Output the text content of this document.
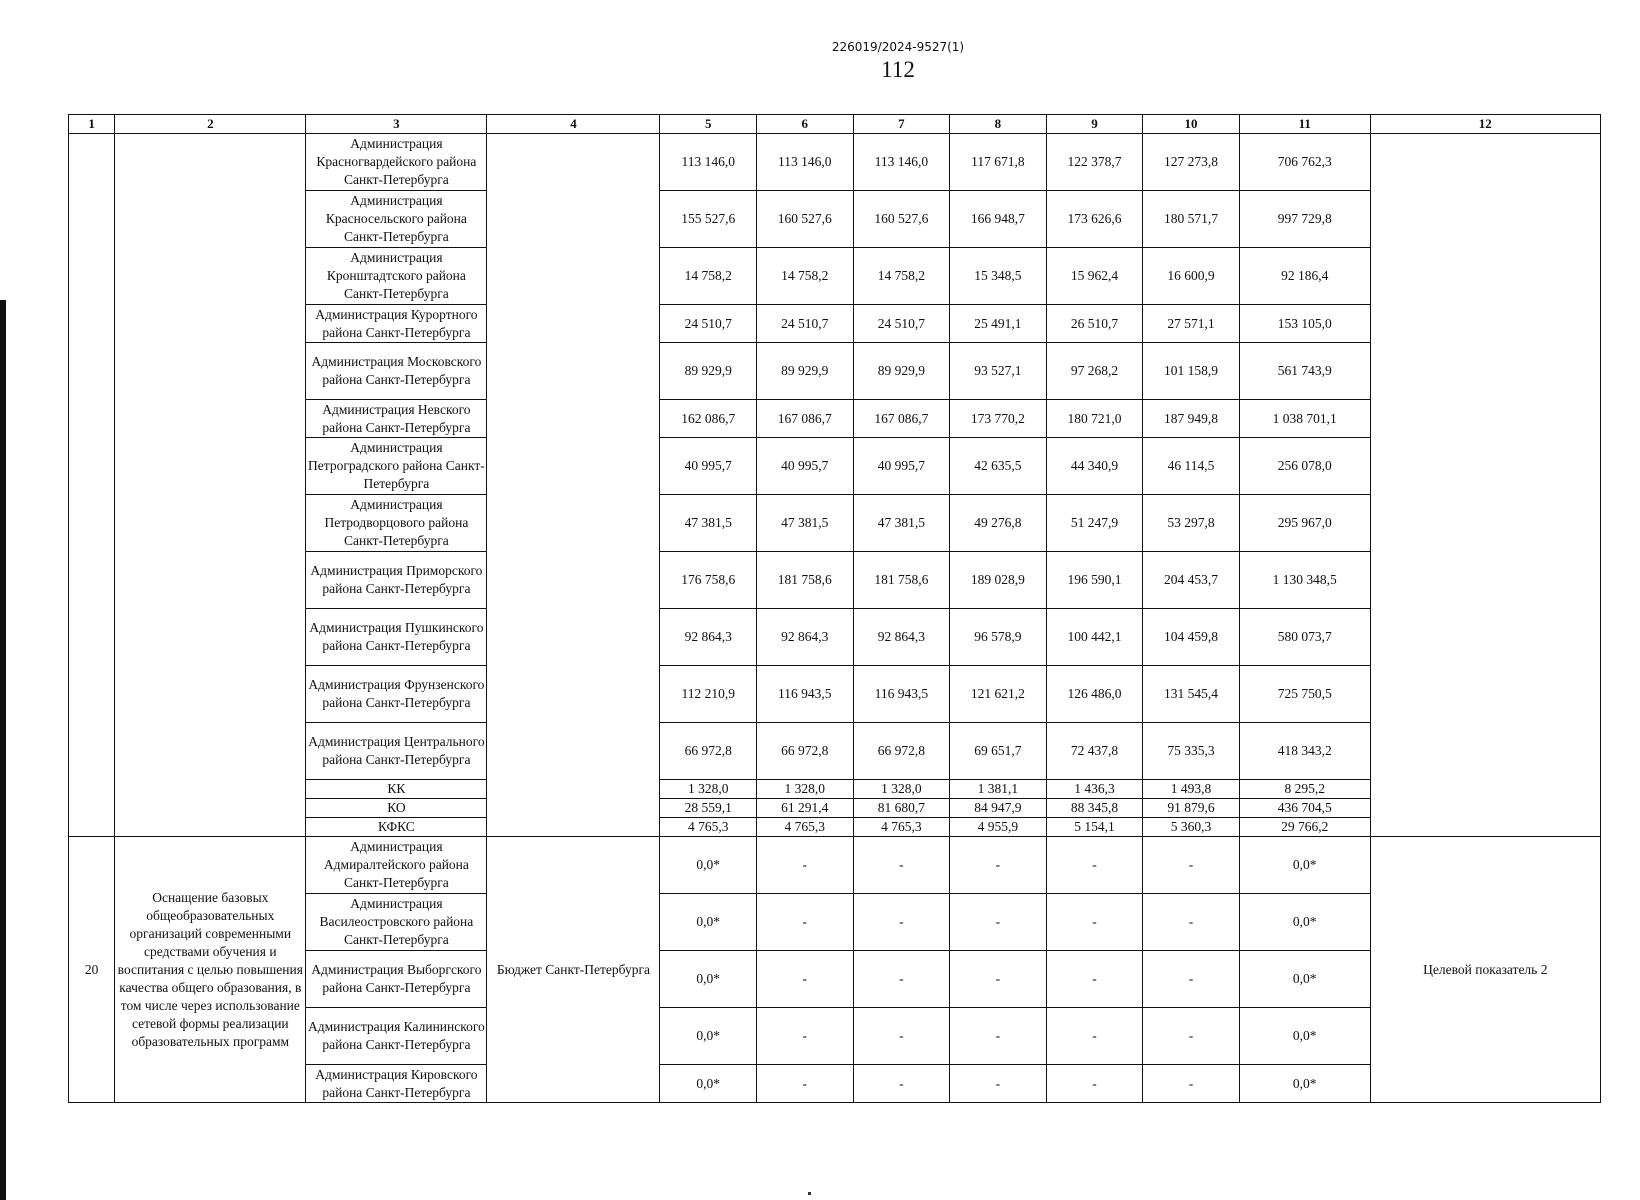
226019/2024-9527(1)
112
1	2	3	4	5	6	7	8	9	10	11	12
		Администрация Красногвардейского района Санкт-Петербурга		113 146,0	113 146,0	113 146,0	117 671,8	122 378,7	127 273,8	706 762,3	
		Администрация Красносельского района Санкт-Петербурга		155 527,6	160 527,6	160 527,6	166 948,7	173 626,6	180 571,7	997 729,8	
		Администрация Кронштадтского района Санкт-Петербурга		14 758,2	14 758,2	14 758,2	15 348,5	15 962,4	16 600,9	92 186,4	
		Администрация Курортного района Санкт-Петербурга		24 510,7	24 510,7	24 510,7	25 491,1	26 510,7	27 571,1	153 105,0	
		Администрация Московского района Санкт-Петербурга		89 929,9	89 929,9	89 929,9	93 527,1	97 268,2	101 158,9	561 743,9	
		Администрация Невского района Санкт-Петербурга		162 086,7	167 086,7	167 086,7	173 770,2	180 721,0	187 949,8	1 038 701,1	
		Администрация Петроградского района Санкт-Петербурга		40 995,7	40 995,7	40 995,7	42 635,5	44 340,9	46 114,5	256 078,0	
		Администрация Петродворцового района Санкт-Петербурга		47 381,5	47 381,5	47 381,5	49 276,8	51 247,9	53 297,8	295 967,0	
		Администрация Приморского района Санкт-Петербурга		176 758,6	181 758,6	181 758,6	189 028,9	196 590,1	204 453,7	1 130 348,5	
		Администрация Пушкинского района Санкт-Петербурга		92 864,3	92 864,3	92 864,3	96 578,9	100 442,1	104 459,8	580 073,7	
		Администрация Фрунзенского района Санкт-Петербурга		112 210,9	116 943,5	116 943,5	121 621,2	126 486,0	131 545,4	725 750,5	
		Администрация Центрального района Санкт-Петербурга		66 972,8	66 972,8	66 972,8	69 651,7	72 437,8	75 335,3	418 343,2	
		КК		1 328,0	1 328,0	1 328,0	1 381,1	1 436,3	1 493,8	8 295,2	
		КО		28 559,1	61 291,4	81 680,7	84 947,9	88 345,8	91 879,6	436 704,5	
		КФКС		4 765,3	4 765,3	4 765,3	4 955,9	5 154,1	5 360,3	29 766,2	
20	Оснащение базовых общеобразовательных организаций современными средствами обучения и воспитания с целью повышения качества общего образования, в том числе через использование сетевой формы реализации образовательных программ	Администрация Адмиралтейского района Санкт-Петербурга	Бюджет Санкт-Петербурга	0,0*	-	-	-	-	-	0,0*	Целевой показатель 2
		Администрация Василеостровского района Санкт-Петербурга		0,0*	-	-	-	-	-	0,0*	
		Администрация Выборгского района Санкт-Петербурга		0,0*	-	-	-	-	-	0,0*	
		Администрация Калининского района Санкт-Петербурга		0,0*	-	-	-	-	-	0,0*	
		Администрация Кировского района Санкт-Петербурга		0,0*	-	-	-	-	-	0,0*	
